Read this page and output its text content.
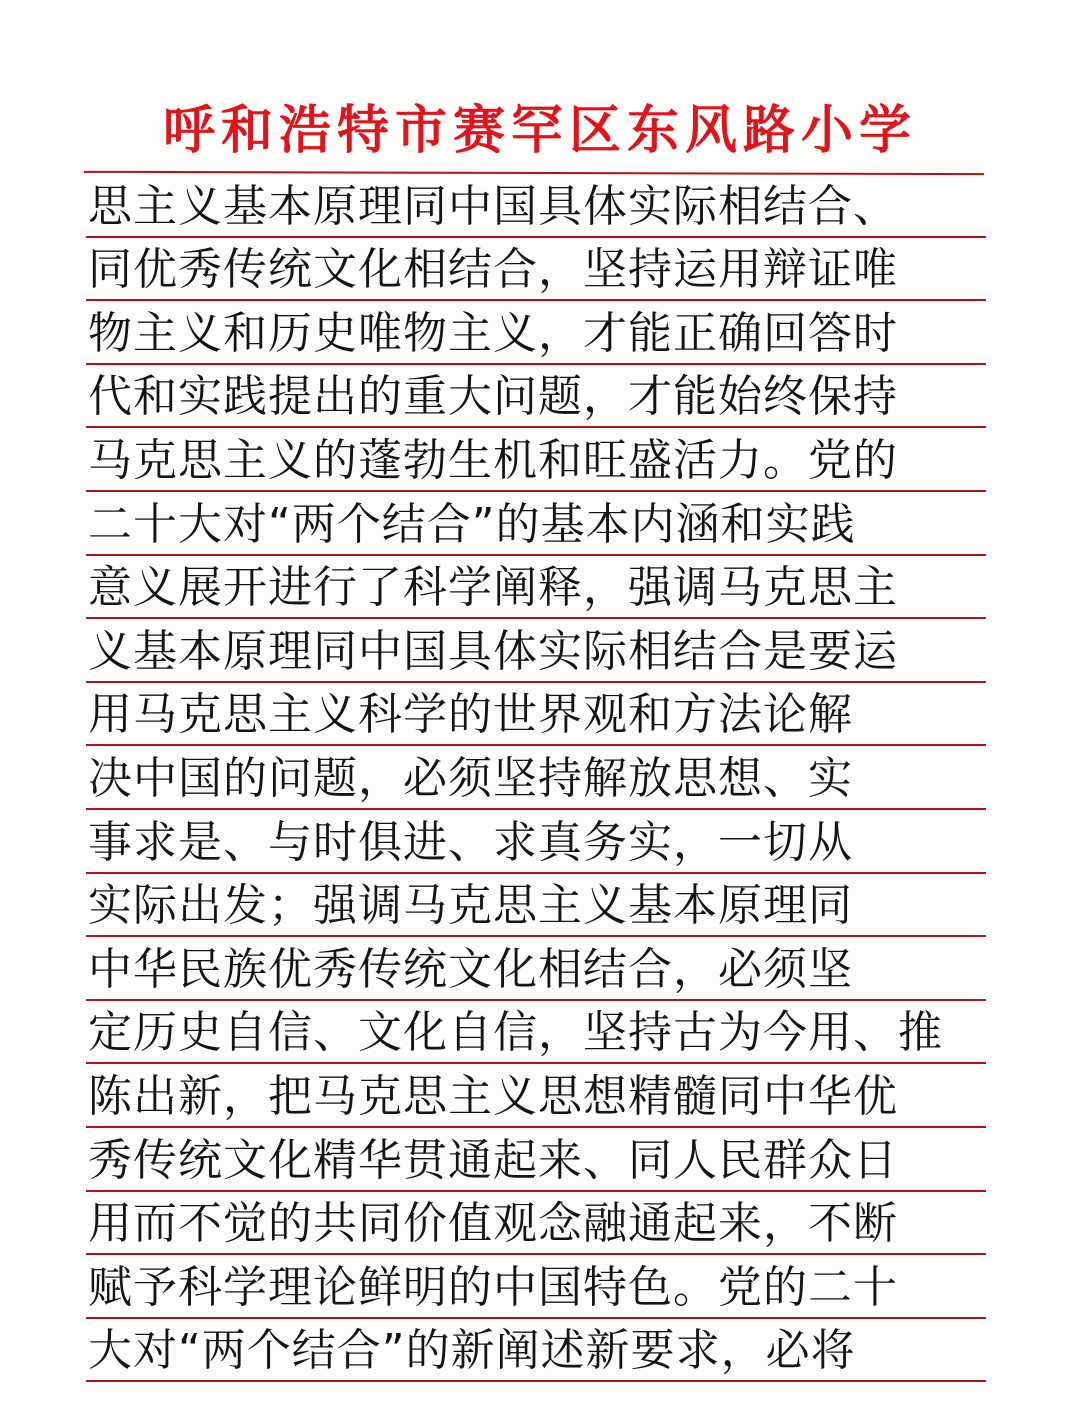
呼和浩特市赛罕区东风路小学
思主义基本原理同中国具体实际相结合、
同优秀传统文化相结合，坚持运用辩证唯
物主义和历史唯物主义，才能正确回答时
代和实践提出的重大问题，才能始终保持
马克思主义的蓬勃生机和旺盛活力。党的
二十大对“两个结合”的基本内涵和实践
意义展开进行了科学阐释，强调马克思主
义基本原理同中国具体实际相结合是要运
用马克思主义科学的世界观和方法论解
决中国的问题，必须坚持解放思想、实
事求是、与时俱进、求真务实，一切从
实际出发；强调马克思主义基本原理同
中华民族优秀传统文化相结合，必须坚
定历史自信、文化自信，坚持古为今用、推
陈出新，把马克思主义思想精髓同中华优
秀传统文化精华贯通起来、同人民群众日
用而不觉的共同价值观念融通起来，不断
赋予科学理论鲜明的中国特色。党的二十
大对“两个结合”的新阐述新要求，必将
